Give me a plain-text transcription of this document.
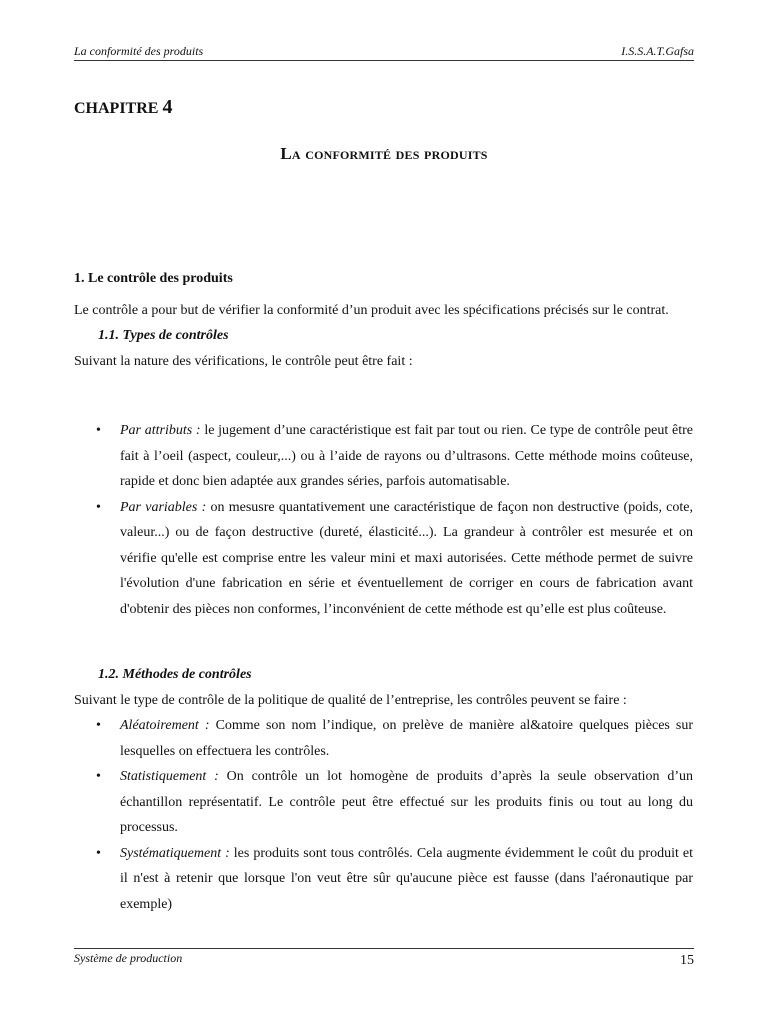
La conformité des produits	I.S.S.A.T.Gafsa
CHAPITRE 4
La conformité des produits
1. Le contrôle des produits
Le contrôle a pour but de vérifier la conformité d’un produit avec les spécifications précisés sur le contrat.
1.1. Types de contrôles
Suivant la nature des vérifications, le contrôle peut être fait :
• Par attributs : le jugement d’une caractéristique est fait par tout ou rien. Ce type de contrôle peut être fait à l’oeil (aspect, couleur,...) ou à l’aide de rayons ou d’ultrasons. Cette méthode moins coûteuse, rapide et donc bien adaptée aux grandes séries, parfois automatisable.
• Par variables : on mesusre quantativement une caractéristique de façon non destructive (poids, cote, valeur...) ou de façon destructive (dureté, élasticité...). La grandeur à contrôler est mesurée et on vérifie qu'elle est comprise entre les valeur mini et maxi autorisées. Cette méthode permet de suivre l'évolution d'une fabrication en série et éventuellement de corriger en cours de fabrication avant d'obtenir des pièces non conformes, l’inconvénient de cette méthode est qu’elle est plus coûteuse.
1.2. Méthodes de contrôles
Suivant le type de contrôle de la politique de qualité de l’entreprise, les contrôles peuvent se faire :
• Aléatoirement : Comme son nom l’indique, on prelève de manière al&atoire quelques pièces sur lesquelles on effectuera les contrôles.
• Statistiquement : On contrôle un lot homogène de produits d’après la seule observation d’un échantillon représentatif. Le contrôle peut être effectué sur les produits finis ou tout au long du processus.
• Systématiquement : les produits sont tous contrôlés. Cela augmente évidemment le coût du produit et il n'est à retenir que lorsque l'on veut être sûr qu'aucune pièce est fausse (dans l'aéronautique par exemple)
Système de production	15
